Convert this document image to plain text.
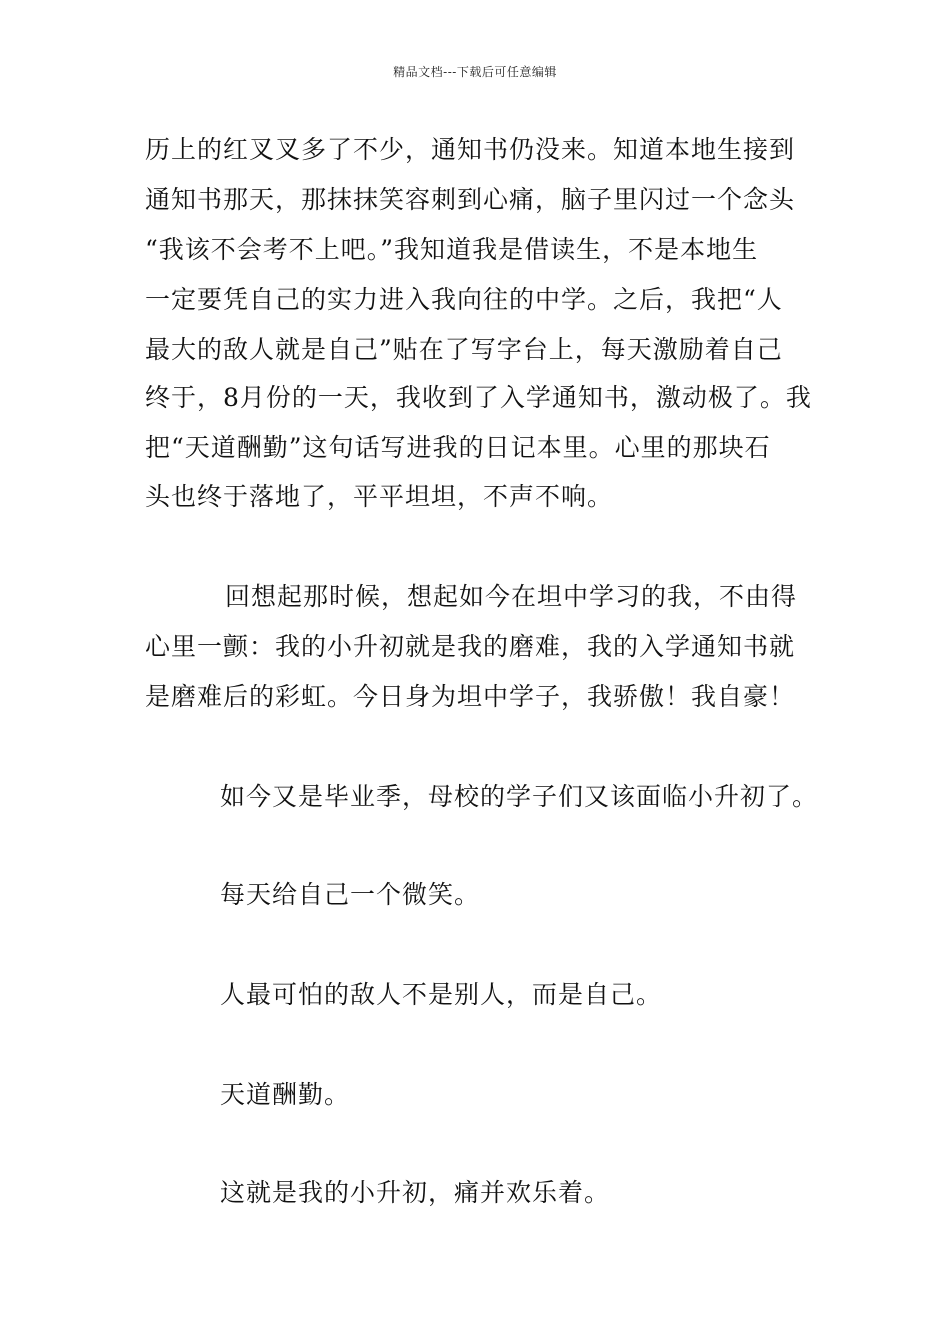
精品文档---下载后可任意编辑
历上的红叉叉多了不少，通知书仍没来。知道本地生接到
通知书那天，那抹抹笑容刺到心痛，脑子里闪过一个念头
“我该不会考不上吧。”我知道我是借读生，不是本地生
一定要凭自己的实力进入我向往的中学。之后，我把“人
最大的敌人就是自己”贴在了写字台上，每天激励着自己
终于，8月份的一天，我收到了入学通知书，激动极了。我
把“天道酬勤”这句话写进我的日记本里。心里的那块石
头也终于落地了，平平坦坦，不声不响。
回想起那时候，想起如今在坦中学习的我，不由得
心里一颤：我的小升初就是我的磨难，我的入学通知书就
是磨难后的彩虹。今日身为坦中学子，我骄傲！我自豪！
如今又是毕业季，母校的学子们又该面临小升初了。
每天给自己一个微笑。
人最可怕的敌人不是别人，而是自己。
天道酬勤。
这就是我的小升初，痛并欢乐着。
